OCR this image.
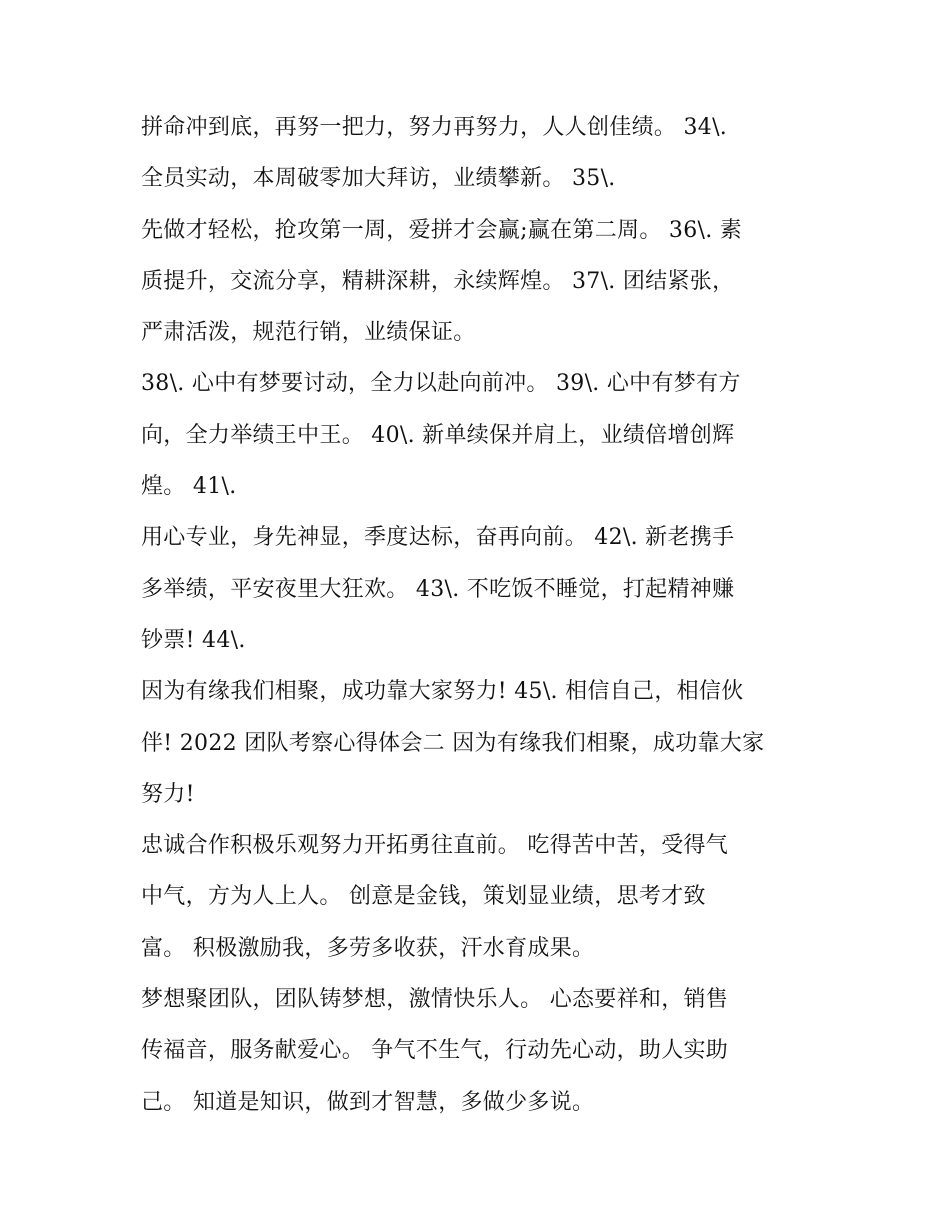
拼命冲到底，再努一把力，努力再努力，人人创佳绩。 34\.
全员实动，本周破零加大拜访，业绩攀新。 35\.
先做才轻松，抢攻第一周，爱拼才会赢;赢在第二周。 36\. 素
质提升，交流分享，精耕深耕，永续辉煌。 37\. 团结紧张，
严肃活泼，规范行销，业绩保证。
38\. 心中有梦要讨动，全力以赴向前冲。 39\. 心中有梦有方
向，全力举绩王中王。 40\. 新单续保并肩上，业绩倍增创辉
煌。 41\.
用心专业，身先神显，季度达标，奋再向前。 42\. 新老携手
多举绩，平安夜里大狂欢。 43\. 不吃饭不睡觉，打起精神赚
钞票! 44\.
因为有缘我们相聚，成功靠大家努力! 45\. 相信自己，相信伙
伴! 2022 团队考察心得体会二 因为有缘我们相聚，成功靠大家
努力!
忠诚合作积极乐观努力开拓勇往直前。 吃得苦中苦，受得气
中气，方为人上人。 创意是金钱，策划显业绩，思考才致
富。 积极激励我，多劳多收获，汗水育成果。
梦想聚团队，团队铸梦想，激情快乐人。 心态要祥和，销售
传福音，服务献爱心。 争气不生气，行动先心动，助人实助
己。 知道是知识，做到才智慧，多做少多说。
